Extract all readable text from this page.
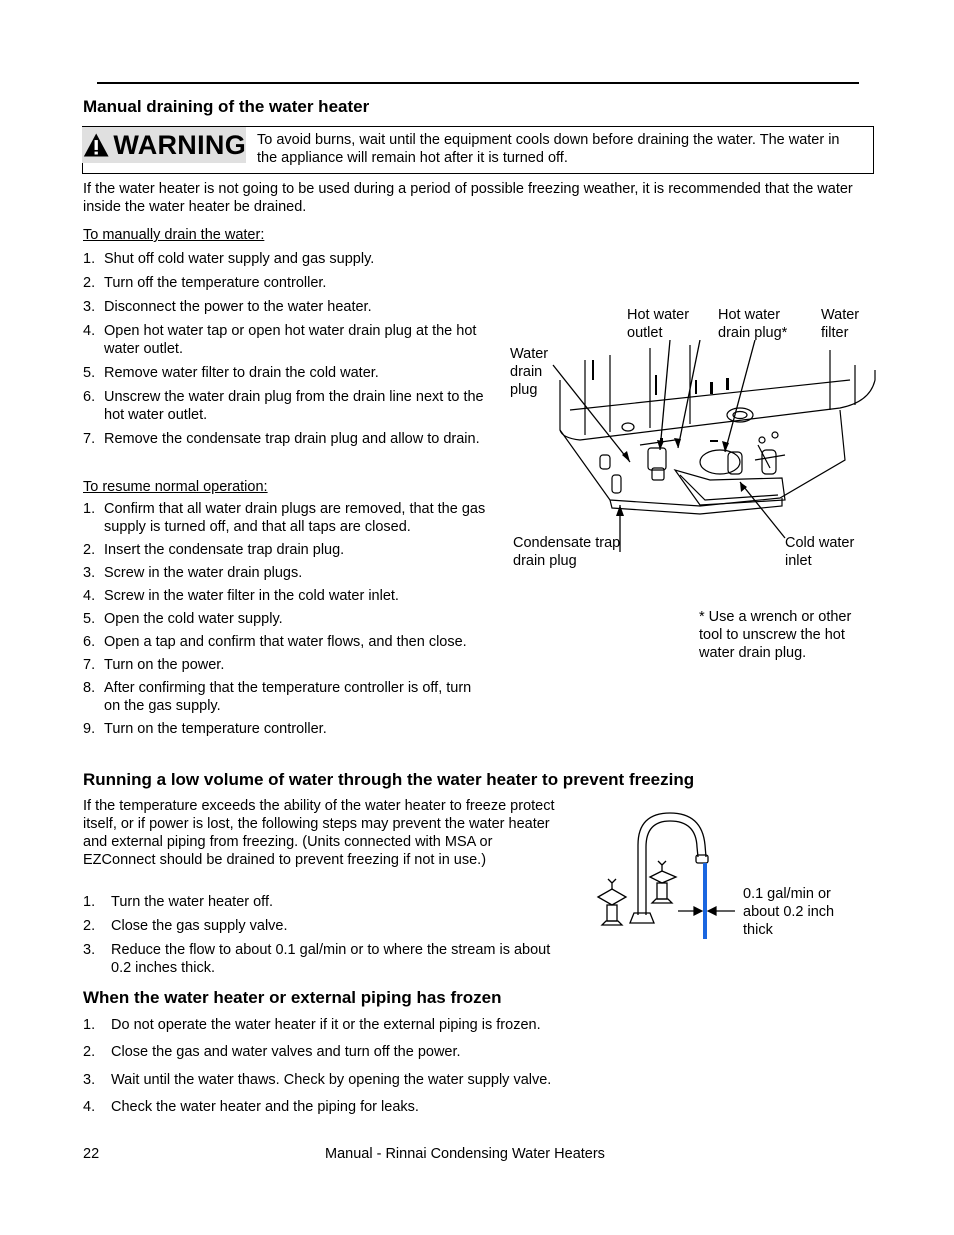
Manual draining of the water heater
WARNING To avoid burns, wait until the equipment cools down before draining the water. The water in the appliance will remain hot after it is turned off.
If the water heater is not going to be used during a period of possible freezing weather, it is recommended that the water inside the water heater be drained.
To manually drain the water:
1. Shut off cold water supply and gas supply.
2. Turn off the temperature controller.
3. Disconnect the power to the water heater.
4. Open hot water tap or open hot water drain plug at the hot water outlet.
5. Remove water filter to drain the cold water.
6. Unscrew the water drain plug from the drain line next to the hot water outlet.
7. Remove the condensate trap drain plug and allow to drain.
To resume normal operation:
1. Confirm that all water drain plugs are removed, that the gas supply is turned off, and that all taps are closed.
2. Insert the condensate trap drain plug.
3. Screw in the water drain plugs.
4. Screw in the water filter in the cold water inlet.
5. Open the cold water supply.
6. Open a tap and confirm that water flows, and then close.
7. Turn on the power.
8. After confirming that the temperature controller is off, turn on the gas supply.
9. Turn on the temperature controller.
Hot water outlet
Hot water drain plug*
Water filter
Water drain plug
Condensate trap drain plug
Cold water inlet
* Use a wrench or other tool to unscrew the hot water drain plug.
Running a low volume of water through the water heater to prevent freezing
If the temperature exceeds the ability of the water heater to freeze protect itself, or if power is lost, the following steps may prevent the water heater and external piping from freezing. (Units connected with MSA or EZConnect should be drained to prevent freezing if not in use.)
1. Turn the water heater off.
2. Close the gas supply valve.
3. Reduce the flow to about 0.1 gal/min or to where the stream is about 0.2 inches thick.
0.1 gal/min or about 0.2 inch thick
When the water heater or external piping has frozen
1. Do not operate the water heater if it or the external piping is frozen.
2. Close the gas and water valves and turn off the power.
3. Wait until the water thaws. Check by opening the water supply valve.
4. Check the water heater and the piping for leaks.
22	Manual - Rinnai Condensing Water Heaters
